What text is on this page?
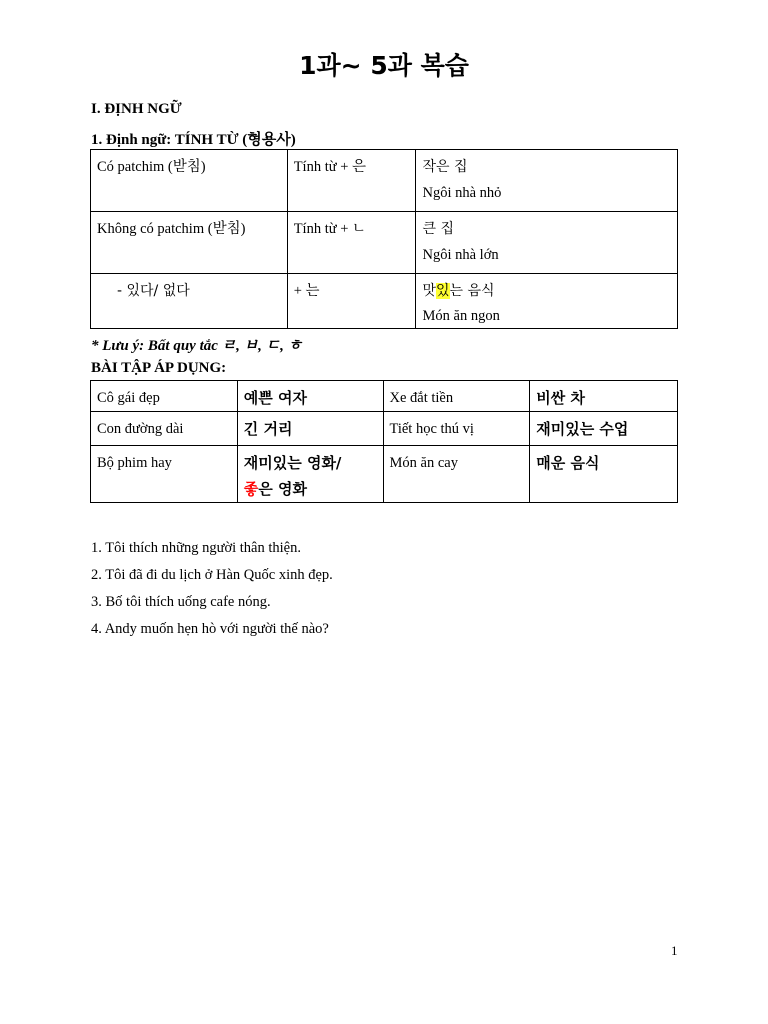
1과~ 5과 복습
I. ĐỊNH NGỮ
1. Định ngữ: TÍNH TỪ (형용사)
Có patchim (받침)	Tính từ + 은	작은 집
Ngôi nhà nhỏ

Không có patchim (받침)	Tính từ + ㄴ	큰 집
Ngôi nhà lớn

- 있다/ 없다	+ 는	맛있는 음식
Món ăn ngon
* Lưu ý: Bất quy tắc ㄹ, ㅂ, ㄷ, ㅎ
BÀI TẬP ÁP DỤNG:
Cô gái đẹp	예쁜 여자	Xe đắt tiền	비싼 차
Con đường dài	긴 거리	Tiết học thú vị	재미있는 수업
Bộ phim hay	재미있는 영화/
좋은 영화	Món ăn cay	매운 음식
1. Tôi thích những người thân thiện.
2. Tôi đã đi du lịch ở Hàn Quốc xinh đẹp.
3. Bố tôi thích uống cafe nóng.
4. Andy muốn hẹn hò với người thế nào?
1
